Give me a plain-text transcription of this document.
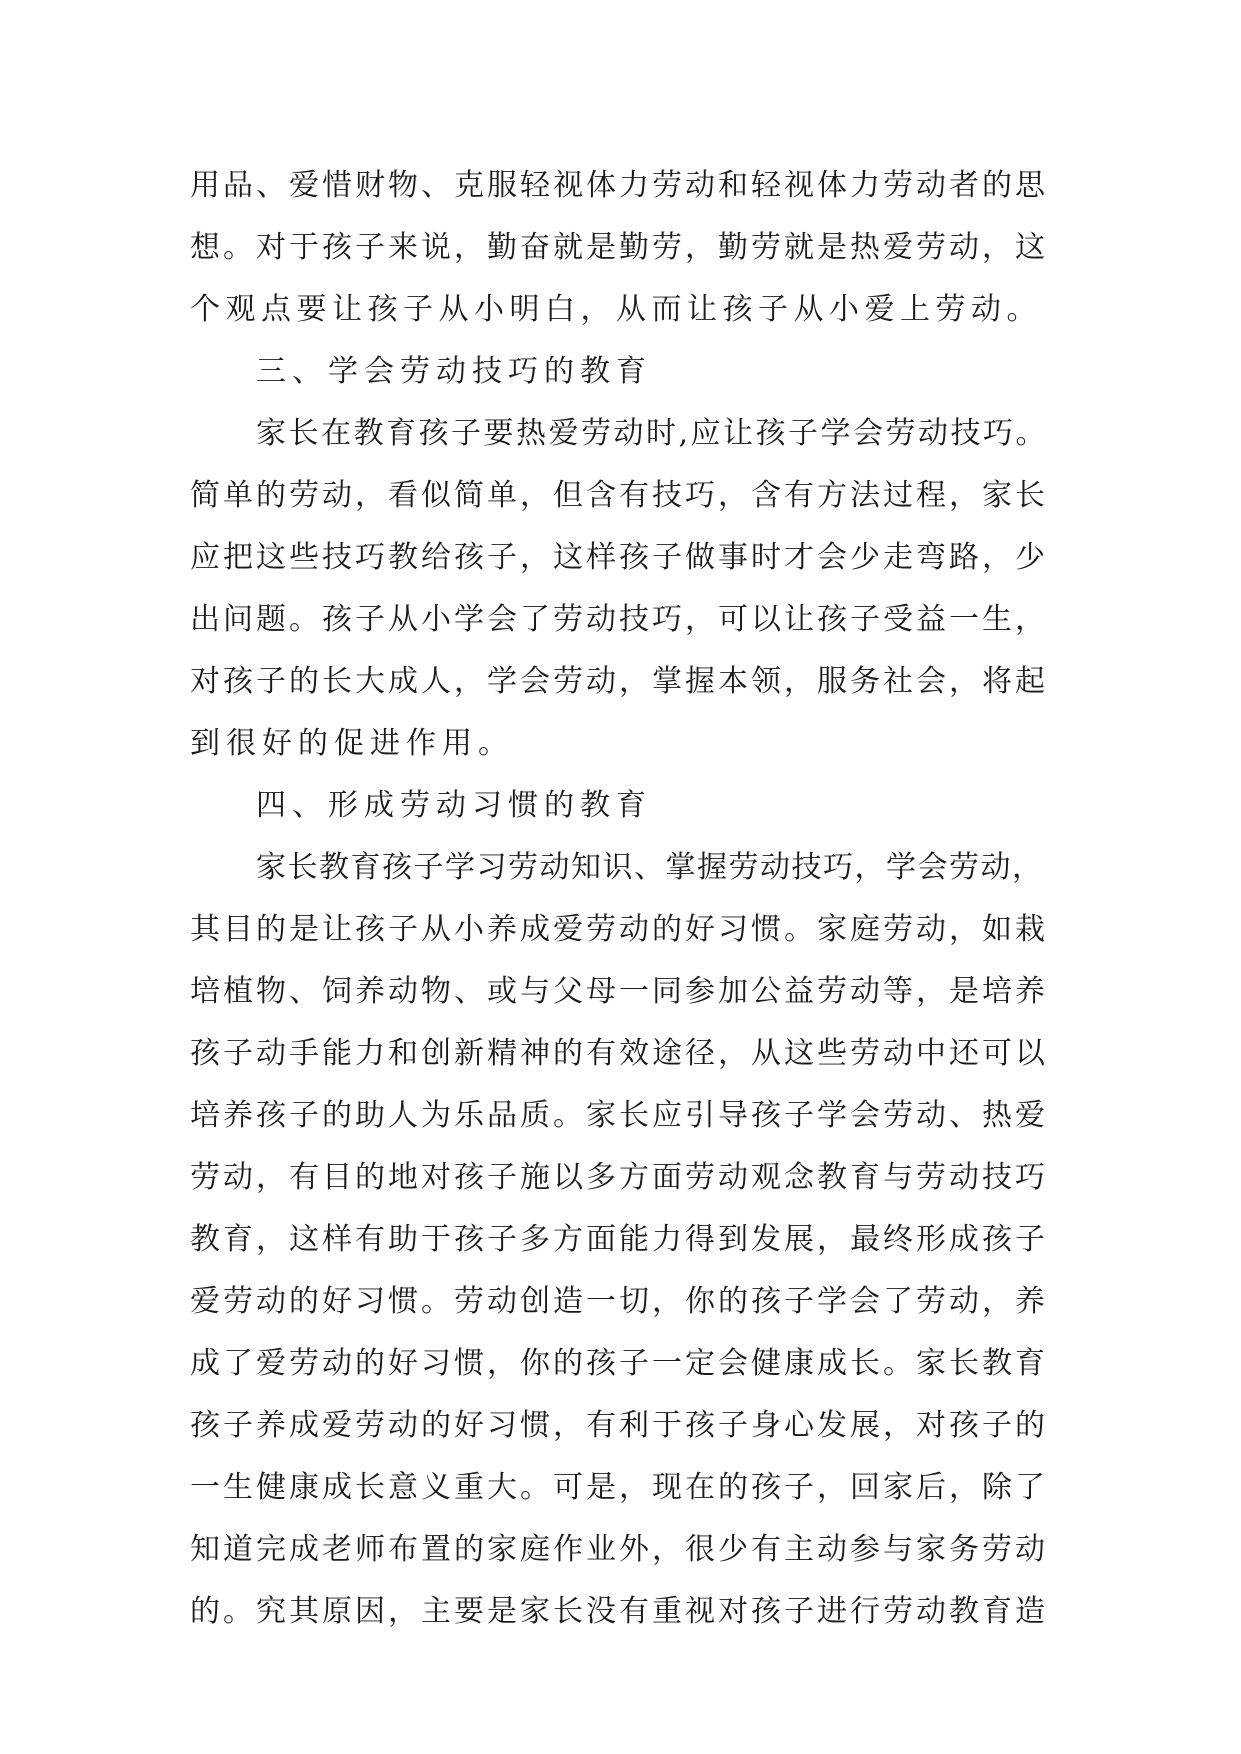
用品、爱惜财物、克服轻视体力劳动和轻视体力劳动者的思
想。对于孩子来说，勤奋就是勤劳，勤劳就是热爱劳动，这
个观点要让孩子从小明白，从而让孩子从小爱上劳动。
三、学会劳动技巧的教育
家长在教育孩子要热爱劳动时,应让孩子学会劳动技巧。
简单的劳动，看似简单，但含有技巧，含有方法过程，家长
应把这些技巧教给孩子，这样孩子做事时才会少走弯路，少
出问题。孩子从小学会了劳动技巧，可以让孩子受益一生，
对孩子的长大成人，学会劳动，掌握本领，服务社会，将起
到很好的促进作用。
四、形成劳动习惯的教育
家长教育孩子学习劳动知识、掌握劳动技巧，学会劳动，
其目的是让孩子从小养成爱劳动的好习惯。家庭劳动，如栽
培植物、饲养动物、或与父母一同参加公益劳动等，是培养
孩子动手能力和创新精神的有效途径，从这些劳动中还可以
培养孩子的助人为乐品质。家长应引导孩子学会劳动、热爱
劳动，有目的地对孩子施以多方面劳动观念教育与劳动技巧
教育，这样有助于孩子多方面能力得到发展，最终形成孩子
爱劳动的好习惯。劳动创造一切，你的孩子学会了劳动，养
成了爱劳动的好习惯，你的孩子一定会健康成长。家长教育
孩子养成爱劳动的好习惯，有利于孩子身心发展，对孩子的
一生健康成长意义重大。可是，现在的孩子，回家后，除了
知道完成老师布置的家庭作业外，很少有主动参与家务劳动
的。究其原因，主要是家长没有重视对孩子进行劳动教育造
